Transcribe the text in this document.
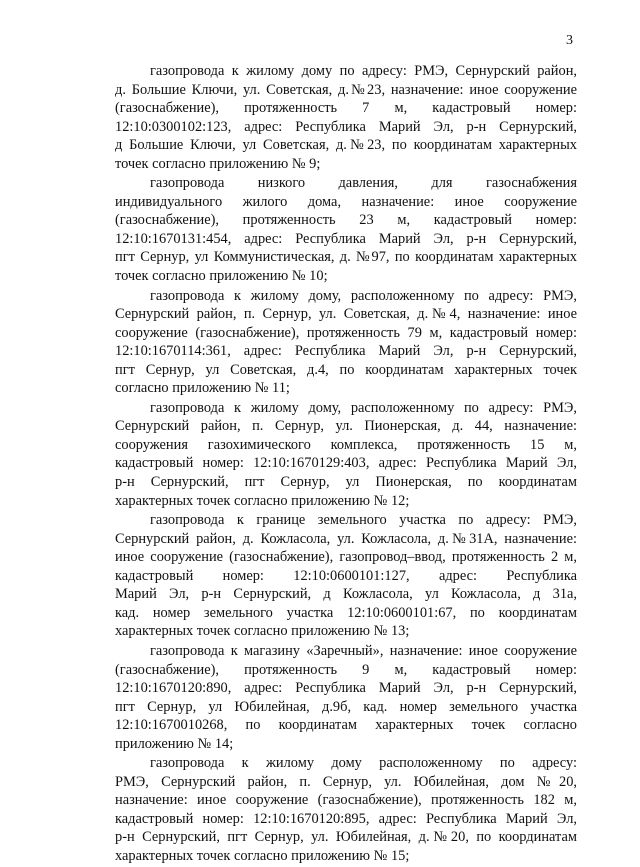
3
газопровода к жилому дому по адресу: РМЭ, Сернурский район,
д. Большие Ключи, ул. Советская, д.№23, назначение: иное сооружение
(газоснабжение), протяженность 7 м, кадастровый номер:
12:10:0300102:123, адрес: Республика Марий Эл, р-н Сернурский,
д Большие Ключи, ул Советская, д.№23, по координатам характерных
точек согласно приложению № 9;
газопровода низкого давления, для газоснабжения
индивидуального жилого дома, назначение: иное сооружение
(газоснабжение), протяженность 23 м, кадастровый номер:
12:10:1670131:454, адрес: Республика Марий Эл, р-н Сернурский,
пгт Сернур, ул Коммунистическая, д. №97, по координатам характерных
точек согласно приложению № 10;
газопровода к жилому дому, расположенному по адресу: РМЭ,
Сернурский район, п. Сернур, ул. Советская, д.№4, назначение: иное
сооружение (газоснабжение), протяженность 79 м, кадастровый номер:
12:10:1670114:361, адрес: Республика Марий Эл, р-н Сернурский,
пгт Сернур, ул Советская, д.4, по координатам характерных точек
согласно приложению № 11;
газопровода к жилому дому, расположенному по адресу: РМЭ,
Сернурский район, п. Сернур, ул. Пионерская, д. 44, назначение:
сооружения газохимического комплекса, протяженность 15 м,
кадастровый номер: 12:10:1670129:403, адрес: Республика Марий Эл,
р-н Сернурский, пгт Сернур, ул Пионерская, по координатам
характерных точек согласно приложению № 12;
газопровода к границе земельного участка по адресу: РМЭ,
Сернурский район, д. Кожласола, ул. Кожласола, д.№31А, назначение:
иное сооружение (газоснабжение), газопровод–ввод, протяженность 2 м,
кадастровый номер: 12:10:0600101:127, адрес: Республика
Марий Эл, р-н Сернурский, д Кожласола, ул Кожласола, д 31а,
кад. номер земельного участка 12:10:0600101:67, по координатам
характерных точек согласно приложению № 13;
газопровода к магазину «Заречный», назначение: иное сооружение
(газоснабжение), протяженность 9 м, кадастровый номер:
12:10:1670120:890, адрес: Республика Марий Эл, р-н Сернурский,
пгт Сернур, ул Юбилейная, д.9б, кад. номер земельного участка
12:10:1670010268, по координатам характерных точек согласно
приложению № 14;
газопровода к жилому дому расположенному по адресу:
РМЭ, Сернурский район, п. Сернур, ул. Юбилейная, дом №20,
назначение: иное сооружение (газоснабжение), протяженность 182 м,
кадастровый номер: 12:10:1670120:895, адрес: Республика Марий Эл,
р-н Сернурский, пгт Сернур, ул. Юбилейная, д.№20, по координатам
характерных точек согласно приложению № 15;
